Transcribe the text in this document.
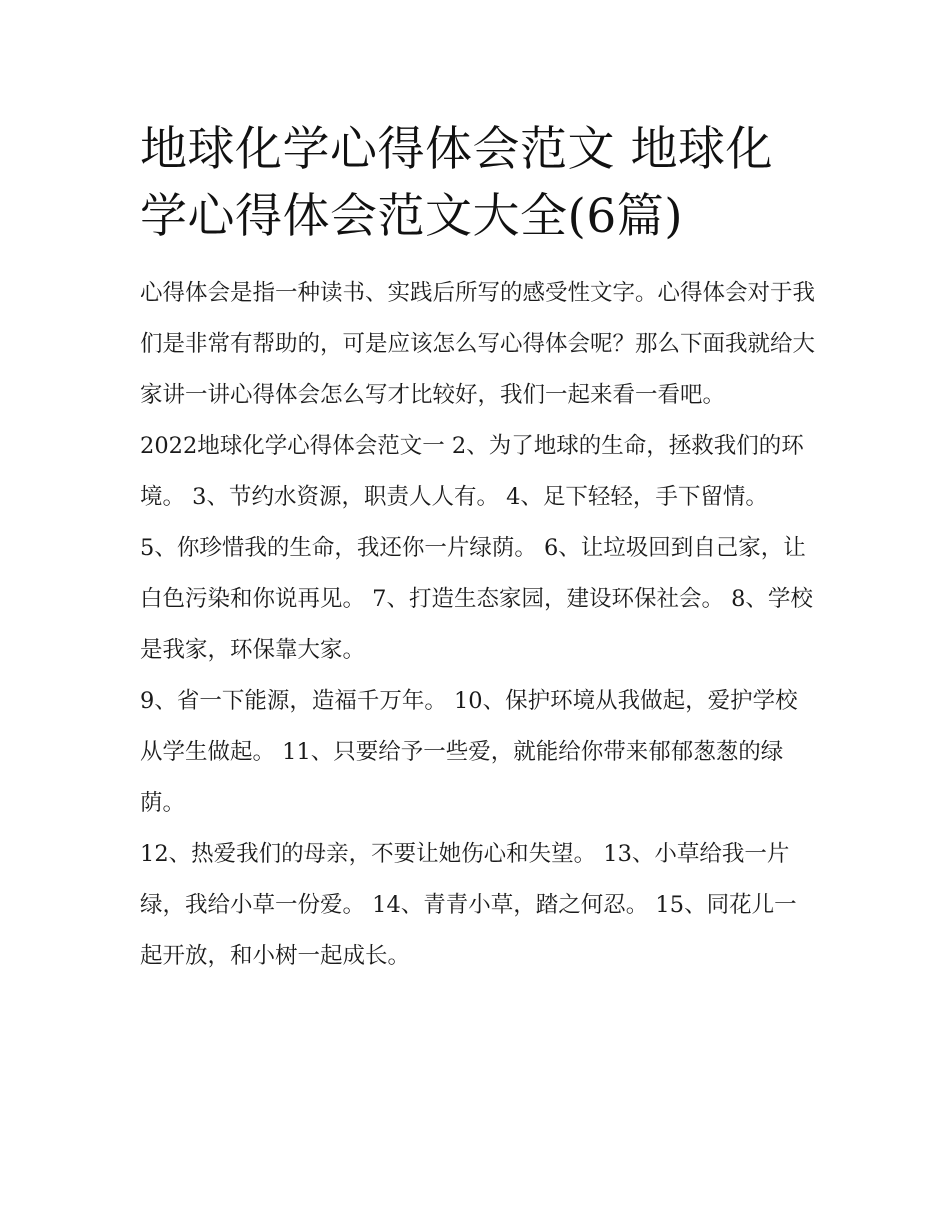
地球化学心得体会范文 地球化学心得体会范文大全(6篇)

心得体会是指一种读书、实践后所写的感受性文字。心得体会对于我们是非常有帮助的，可是应该怎么写心得体会呢？那么下面我就给大家讲一讲心得体会怎么写才比较好，我们一起来看一看吧。

2022地球化学心得体会范文一 2、为了地球的生命，拯救我们的环境。 3、节约水资源，职责人人有。 4、足下轻轻，手下留情。

5、你珍惜我的生命，我还你一片绿荫。 6、让垃圾回到自己家，让白色污染和你说再见。 7、打造生态家园，建设环保社会。 8、学校是我家，环保靠大家。

9、省一下能源，造福千万年。 10、保护环境从我做起，爱护学校从学生做起。 11、只要给予一些爱，就能给你带来郁郁葱葱的绿荫。

12、热爱我们的母亲，不要让她伤心和失望。 13、小草给我一片绿，我给小草一份爱。 14、青青小草，踏之何忍。 15、同花儿一起开放，和小树一起成长。
